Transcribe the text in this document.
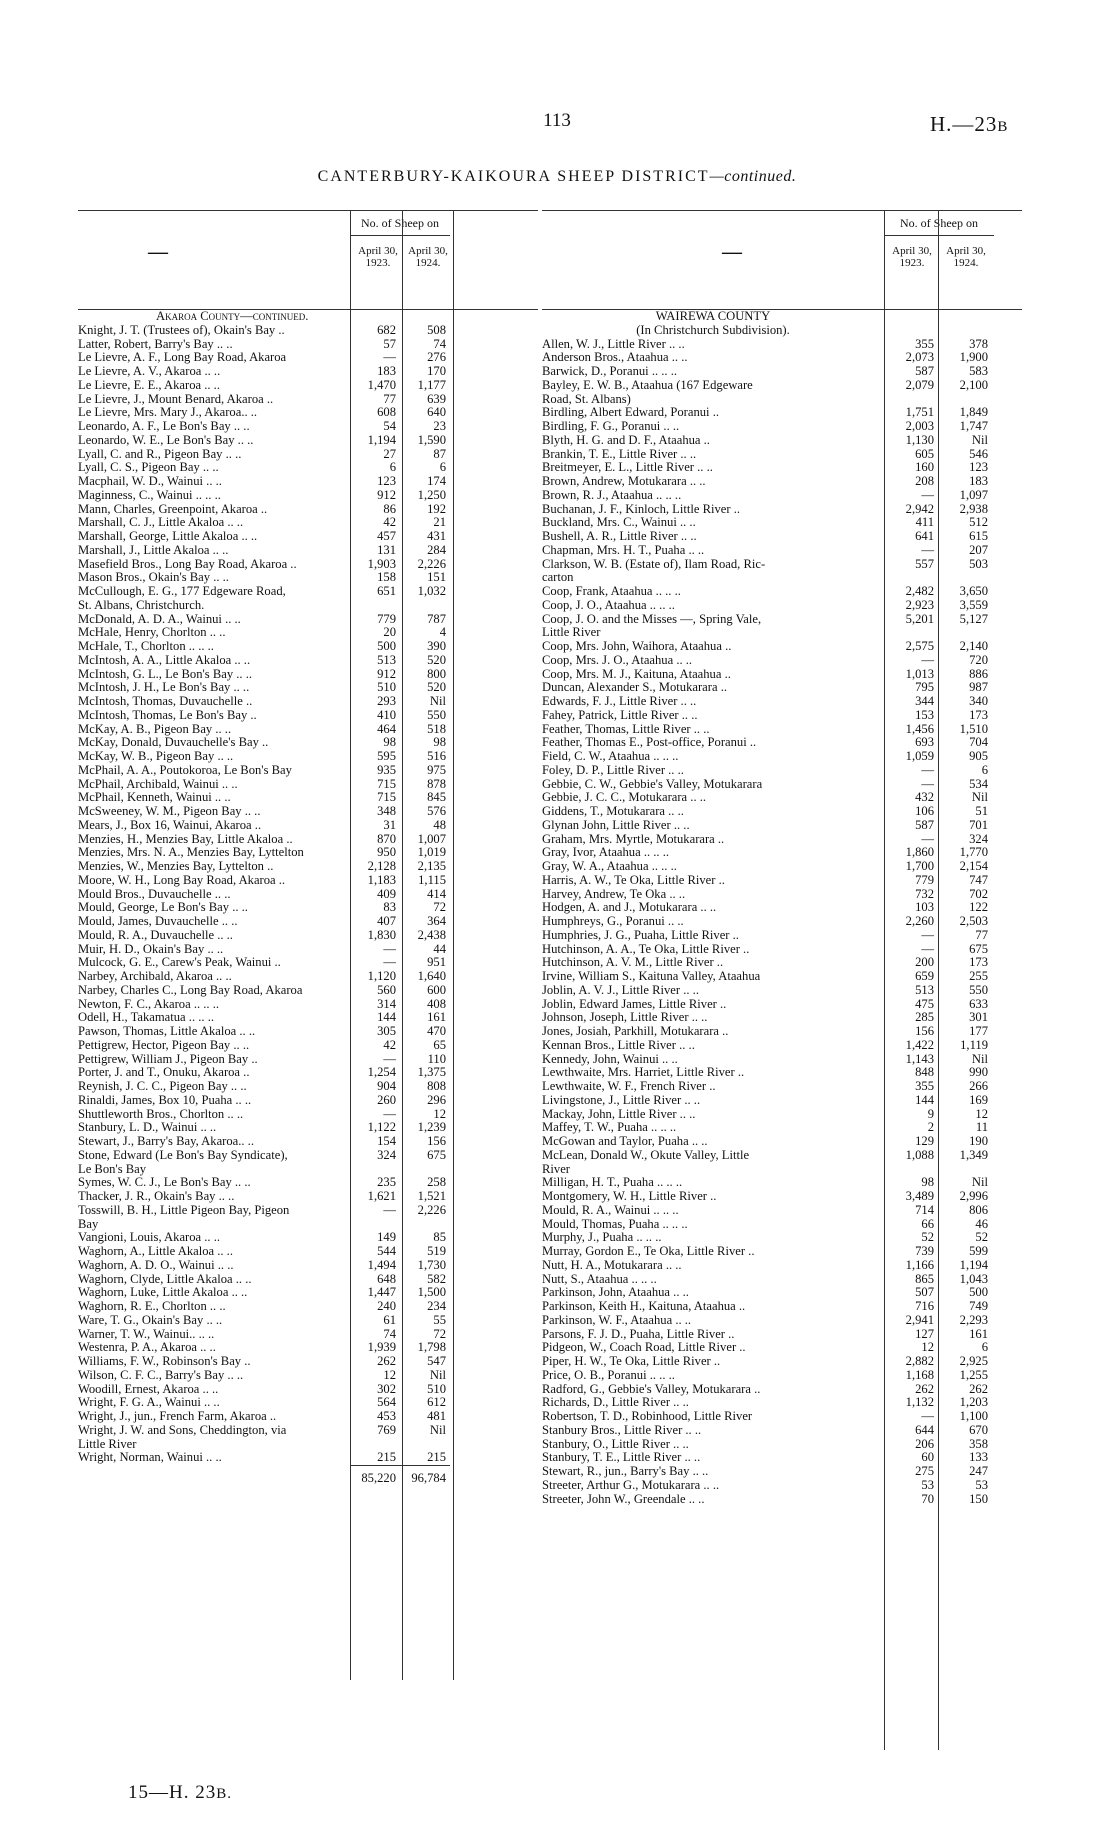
113	H.—23B
CANTERBURY-KAIKOURA SHEEP DISTRICT—continued.
—
No. of Sheep on
April 30, 1923.
April 30, 1924.
Akaroa County—continued.
Knight, J. T. (Trustees of), Okain's Bay ..	682	508
Latter, Robert, Barry's Bay .. ..	57	74
Le Lievre, A. F., Long Bay Road, Akaroa	—	276
Le Lievre, A. V., Akaroa .. ..	183	170
Le Lievre, E. E., Akaroa .. ..	1,470	1,177
Le Lievre, J., Mount Benard, Akaroa ..	77	639
Le Lievre, Mrs. Mary J., Akaroa.. ..	608	640
Leonardo, A. F., Le Bon's Bay .. ..	54	23
Leonardo, W. E., Le Bon's Bay .. ..	1,194	1,590
Lyall, C. and R., Pigeon Bay .. ..	27	87
Lyall, C. S., Pigeon Bay .. ..	6	6
Macphail, W. D., Wainui .. ..	123	174
Maginness, C., Wainui .. .. ..	912	1,250
Mann, Charles, Greenpoint, Akaroa ..	86	192
Marshall, C. J., Little Akaloa .. ..	42	21
Marshall, George, Little Akaloa .. ..	457	431
Marshall, J., Little Akaloa .. ..	131	284
Masefield Bros., Long Bay Road, Akaroa ..	1,903	2,226
Mason Bros., Okain's Bay .. ..	158	151
McCullough, E. G., 177 Edgeware Road,	651	1,032
St. Albans, Christchurch.
McDonald, A. D. A., Wainui .. ..	779	787
McHale, Henry, Chorlton .. ..	20	4
McHale, T., Chorlton .. .. ..	500	390
McIntosh, A. A., Little Akaloa .. ..	513	520
McIntosh, G. L., Le Bon's Bay .. ..	912	800
McIntosh, J. H., Le Bon's Bay .. ..	510	520
McIntosh, Thomas, Duvauchelle ..	293	Nil
McIntosh, Thomas, Le Bon's Bay ..	410	550
McKay, A. B., Pigeon Bay .. ..	464	518
McKay, Donald, Duvauchelle's Bay ..	98	98
McKay, W. B., Pigeon Bay .. ..	595	516
McPhail, A. A., Poutokoroa, Le Bon's Bay	935	975
McPhail, Archibald, Wainui .. ..	715	878
McPhail, Kenneth, Wainui .. ..	715	845
McSweeney, W. M., Pigeon Bay .. ..	348	576
Mears, J., Box 16, Wainui, Akaroa ..	31	48
Menzies, H., Menzies Bay, Little Akaloa ..	870	1,007
Menzies, Mrs. N. A., Menzies Bay, Lyttelton	950	1,019
Menzies, W., Menzies Bay, Lyttelton ..	2,128	2,135
Moore, W. H., Long Bay Road, Akaroa ..	1,183	1,115
Mould Bros., Duvauchelle .. ..	409	414
Mould, George, Le Bon's Bay .. ..	83	72
Mould, James, Duvauchelle .. ..	407	364
Mould, R. A., Duvauchelle .. ..	1,830	2,438
Muir, H. D., Okain's Bay .. ..	—	44
Mulcock, G. E., Carew's Peak, Wainui ..	—	951
Narbey, Archibald, Akaroa .. ..	1,120	1,640
Narbey, Charles C., Long Bay Road, Akaroa	560	600
Newton, F. C., Akaroa .. .. ..	314	408
Odell, H., Takamatua .. .. ..	144	161
Pawson, Thomas, Little Akaloa .. ..	305	470
Pettigrew, Hector, Pigeon Bay .. ..	42	65
Pettigrew, William J., Pigeon Bay ..	—	110
Porter, J. and T., Onuku, Akaroa ..	1,254	1,375
Reynish, J. C. C., Pigeon Bay .. ..	904	808
Rinaldi, James, Box 10, Puaha .. ..	260	296
Shuttleworth Bros., Chorlton .. ..	—	12
Stanbury, L. D., Wainui .. ..	1,122	1,239
Stewart, J., Barry's Bay, Akaroa.. ..	154	156
Stone, Edward (Le Bon's Bay Syndicate),	324	675
Le Bon's Bay
Symes, W. C. J., Le Bon's Bay .. ..	235	258
Thacker, J. R., Okain's Bay .. ..	1,621	1,521
Tosswill, B. H., Little Pigeon Bay, Pigeon	—	2,226
Bay
Vangioni, Louis, Akaroa .. ..	149	85
Waghorn, A., Little Akaloa .. ..	544	519
Waghorn, A. D. O., Wainui .. ..	1,494	1,730
Waghorn, Clyde, Little Akaloa .. ..	648	582
Waghorn, Luke, Little Akaloa .. ..	1,447	1,500
Waghorn, R. E., Chorlton .. ..	240	234
Ware, T. G., Okain's Bay .. ..	61	55
Warner, T. W., Wainui.. .. ..	74	72
Westenra, P. A., Akaroa .. ..	1,939	1,798
Williams, F. W., Robinson's Bay ..	262	547
Wilson, C. F. C., Barry's Bay .. ..	12	Nil
Woodill, Ernest, Akaroa .. ..	302	510
Wright, F. G. A., Wainui .. ..	564	612
Wright, J., jun., French Farm, Akaroa ..	453	481
Wright, J. W. and Sons, Cheddington, via	769	Nil
Little River
Wright, Norman, Wainui .. ..	215	215
85,220	96,784
—
No. of Sheep on
April 30, 1923.
April 30, 1924.
WAIREWA COUNTY
(In Christchurch Subdivision).
Allen, W. J., Little River .. ..	355	378
Anderson Bros., Ataahua .. ..	2,073	1,900
Barwick, D., Poranui .. .. ..	587	583
Bayley, E. W. B., Ataahua (167 Edgeware	2,079	2,100
Road, St. Albans)
Birdling, Albert Edward, Poranui ..	1,751	1,849
Birdling, F. G., Poranui .. ..	2,003	1,747
Blyth, H. G. and D. F., Ataahua ..	1,130	Nil
Brankin, T. E., Little River .. ..	605	546
Breitmeyer, E. L., Little River .. ..	160	123
Brown, Andrew, Motukarara .. ..	208	183
Brown, R. J., Ataahua .. .. ..	—	1,097
Buchanan, J. F., Kinloch, Little River ..	2,942	2,938
Buckland, Mrs. C., Wainui .. ..	411	512
Bushell, A. R., Little River .. ..	641	615
Chapman, Mrs. H. T., Puaha .. ..	—	207
Clarkson, W. B. (Estate of), Ilam Road, Ric-	557	503
carton
Coop, Frank, Ataahua .. .. ..	2,482	3,650
Coop, J. O., Ataahua .. .. ..	2,923	3,559
Coop, J. O. and the Misses —, Spring Vale,	5,201	5,127
Little River
Coop, Mrs. John, Waihora, Ataahua ..	2,575	2,140
Coop, Mrs. J. O., Ataahua .. ..	—	720
Coop, Mrs. M. J., Kaituna, Ataahua ..	1,013	886
Duncan, Alexander S., Motukarara ..	795	987
Edwards, F. J., Little River .. ..	344	340
Fahey, Patrick, Little River .. ..	153	173
Feather, Thomas, Little River .. ..	1,456	1,510
Feather, Thomas E., Post-office, Poranui ..	693	704
Field, C. W., Ataahua .. .. ..	1,059	905
Foley, D. P., Little River .. ..	—	6
Gebbie, C. W., Gebbie's Valley, Motukarara	—	534
Gebbie, J. C. C., Motukarara .. ..	432	Nil
Giddens, T., Motukarara .. ..	106	51
Glynan John, Little River .. ..	587	701
Graham, Mrs. Myrtle, Motukarara ..	—	324
Gray, Ivor, Ataahua .. .. ..	1,860	1,770
Gray, W. A., Ataahua .. .. ..	1,700	2,154
Harris, A. W., Te Oka, Little River ..	779	747
Harvey, Andrew, Te Oka .. ..	732	702
Hodgen, A. and J., Motukarara .. ..	103	122
Humphreys, G., Poranui .. ..	2,260	2,503
Humphries, J. G., Puaha, Little River ..	—	77
Hutchinson, A. A., Te Oka, Little River ..	—	675
Hutchinson, A. V. M., Little River ..	200	173
Irvine, William S., Kaituna Valley, Ataahua	659	255
Joblin, A. V. J., Little River .. ..	513	550
Joblin, Edward James, Little River ..	475	633
Johnson, Joseph, Little River .. ..	285	301
Jones, Josiah, Parkhill, Motukarara ..	156	177
Kennan Bros., Little River .. ..	1,422	1,119
Kennedy, John, Wainui .. ..	1,143	Nil
Lewthwaite, Mrs. Harriet, Little River ..	848	990
Lewthwaite, W. F., French River ..	355	266
Livingstone, J., Little River .. ..	144	169
Mackay, John, Little River .. ..	9	12
Maffey, T. W., Puaha .. .. ..	2	11
McGowan and Taylor, Puaha .. ..	129	190
McLean, Donald W., Okute Valley, Little	1,088	1,349
River
Milligan, H. T., Puaha .. .. ..	98	Nil
Montgomery, W. H., Little River ..	3,489	2,996
Mould, R. A., Wainui .. .. ..	714	806
Mould, Thomas, Puaha .. .. ..	66	46
Murphy, J., Puaha .. .. ..	52	52
Murray, Gordon E., Te Oka, Little River ..	739	599
Nutt, H. A., Motukarara .. ..	1,166	1,194
Nutt, S., Ataahua .. .. ..	865	1,043
Parkinson, John, Ataahua .. ..	507	500
Parkinson, Keith H., Kaituna, Ataahua ..	716	749
Parkinson, W. F., Ataahua .. ..	2,941	2,293
Parsons, F. J. D., Puaha, Little River ..	127	161
Pidgeon, W., Coach Road, Little River ..	12	6
Piper, H. W., Te Oka, Little River ..	2,882	2,925
Price, O. B., Poranui .. .. ..	1,168	1,255
Radford, G., Gebbie's Valley, Motukarara ..	262	262
Richards, D., Little River .. ..	1,132	1,203
Robertson, T. D., Robinhood, Little River	—	1,100
Stanbury Bros., Little River .. ..	644	670
Stanbury, O., Little River .. ..	206	358
Stanbury, T. E., Little River .. ..	60	133
Stewart, R., jun., Barry's Bay .. ..	275	247
Streeter, Arthur G., Motukarara .. ..	53	53
Streeter, John W., Greendale .. ..	70	150
15—H. 23B.
